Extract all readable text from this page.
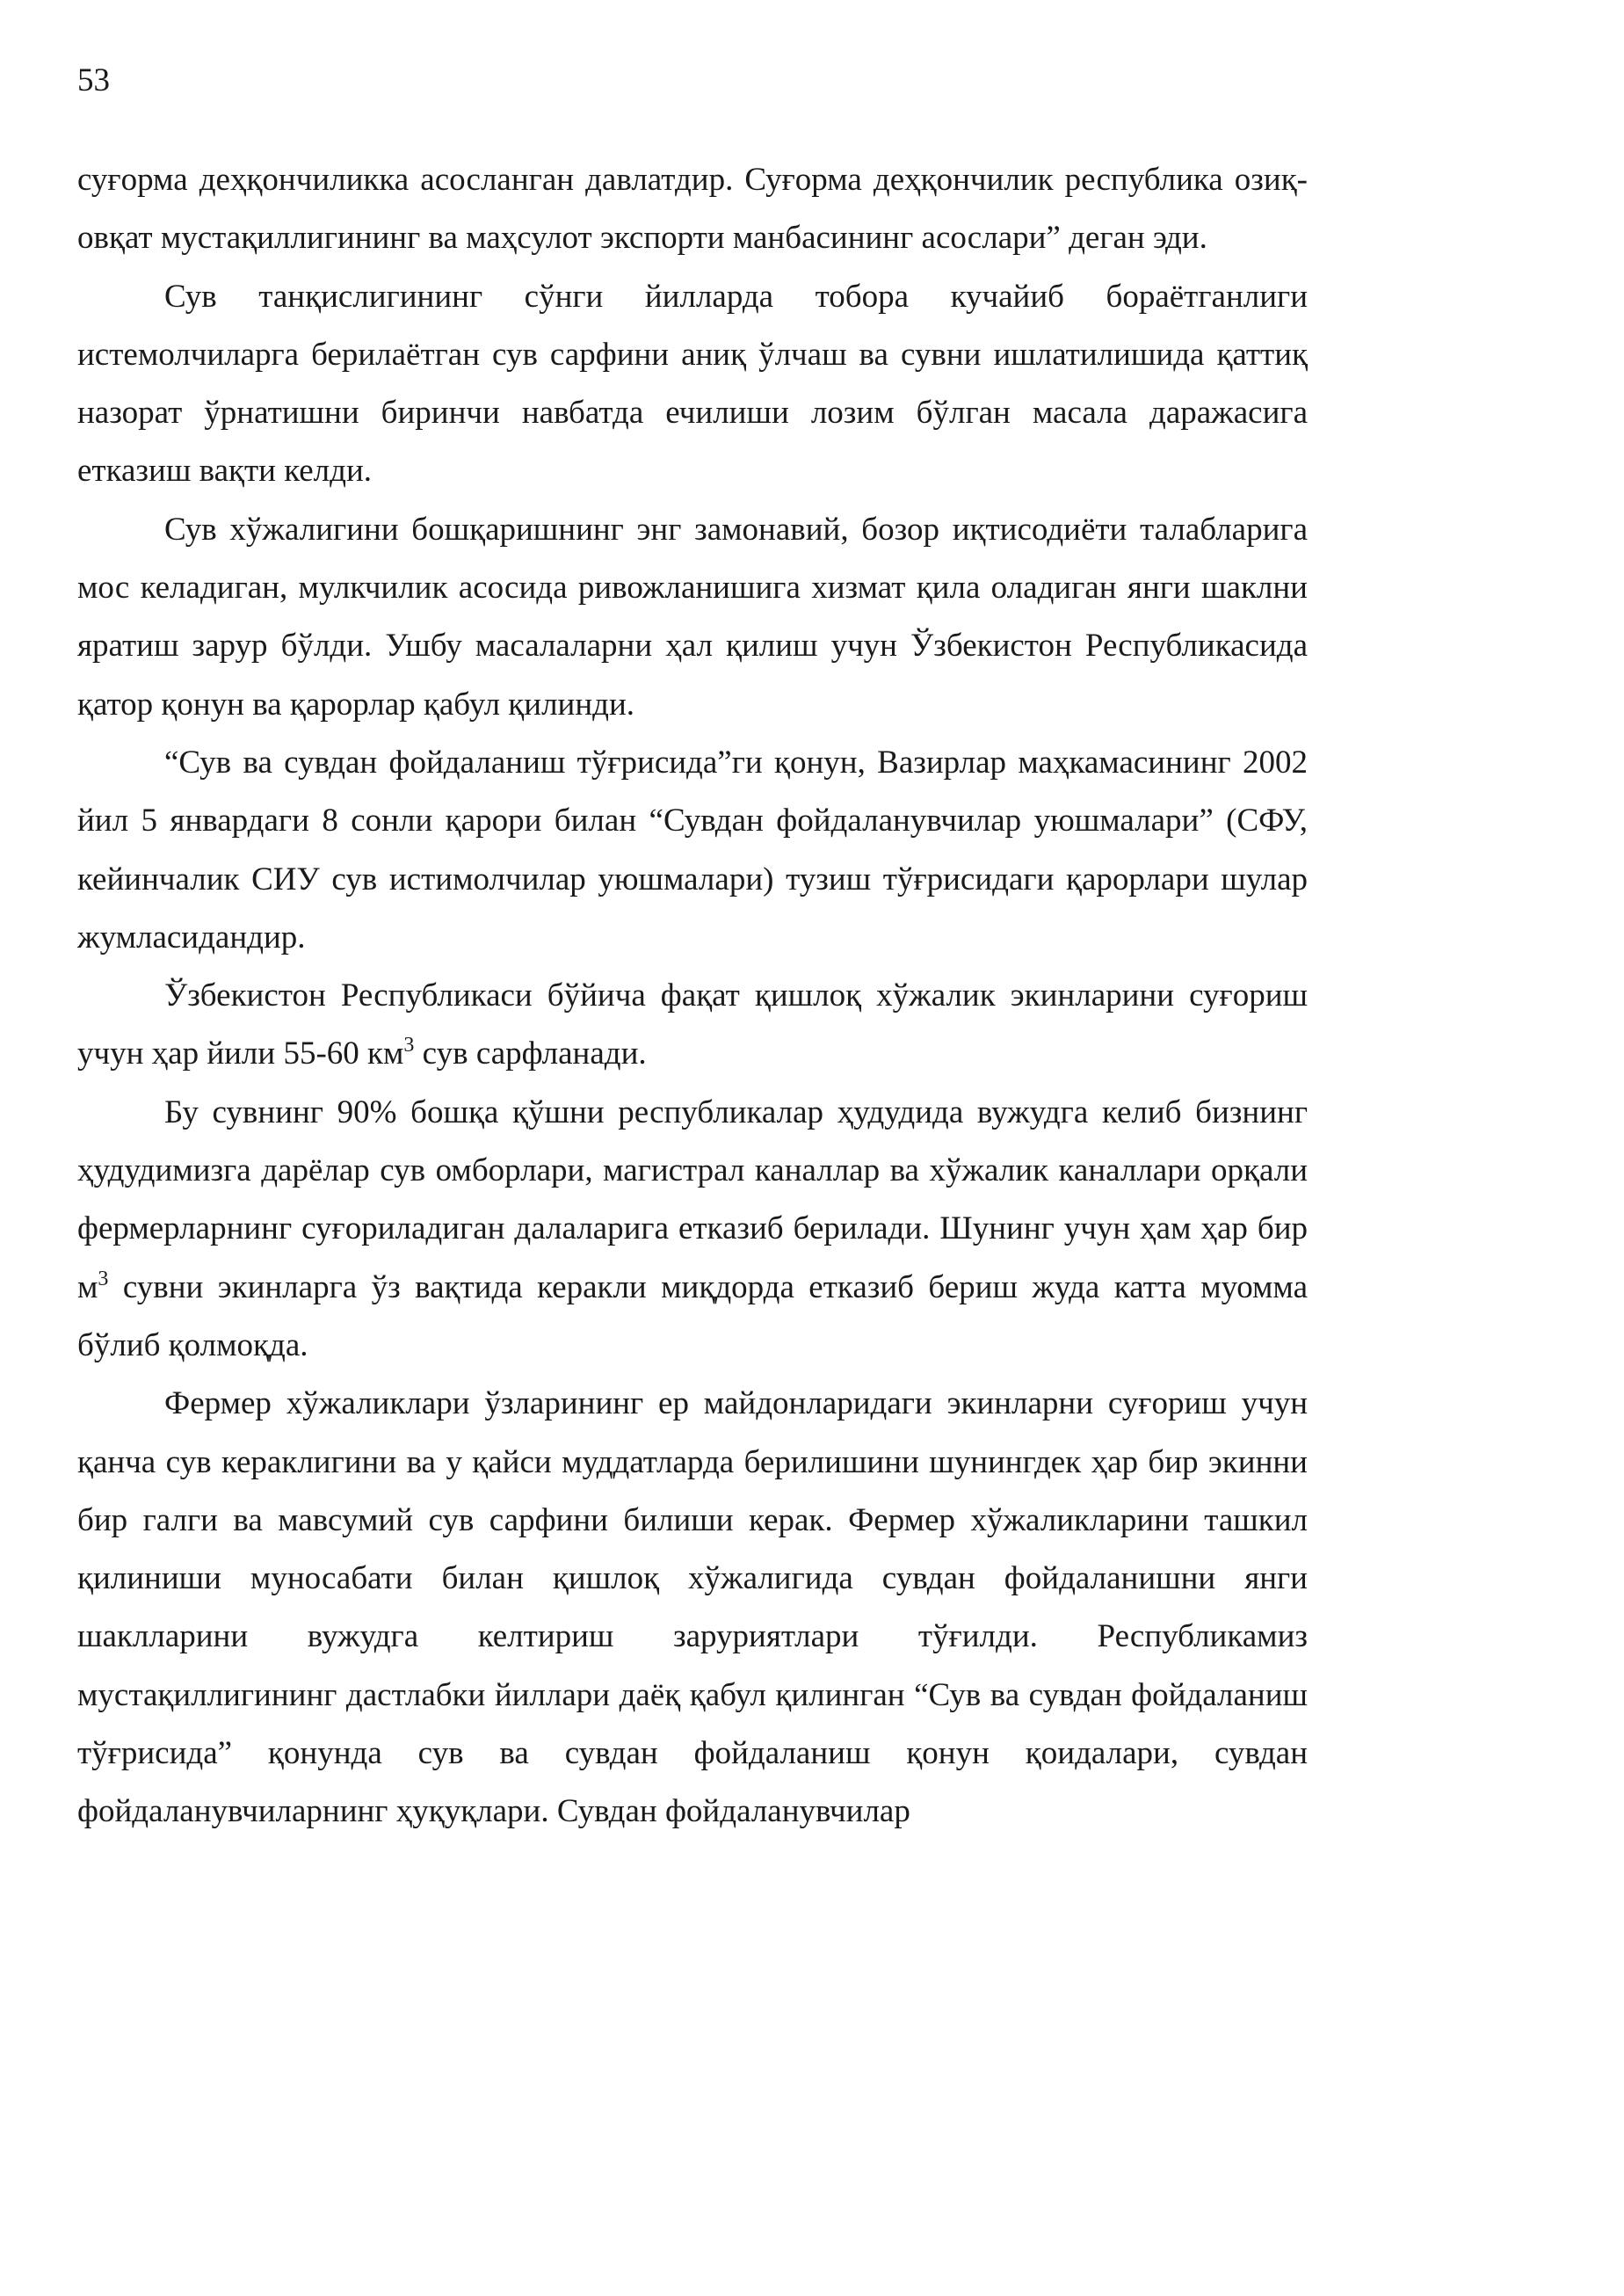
53

суғорма деҳқончиликка асосланган давлатдир. Суғорма деҳқончилик республика озиқ-овқат мустақиллигининг ва маҳсулот экспорти манбасининг асослари” деган эди.

Сув танқислигининг сўнги йилларда тобора кучайиб бораётганлиги истемолчиларга берилаётган сув сарфини аниқ ўлчаш ва сувни ишлатилишида қаттиқ назорат ўрнатишни биринчи навбатда ечилиши лозим бўлган масала даражасига етказиш вақти келди.

Сув хўжалигини бошқаришнинг энг замонавий, бозор иқтисодиёти талабларига мос келадиган, мулкчилик асосида ривожланишига хизмат қила оладиган янги шаклни яратиш зарур бўлди. Ушбу масалаларни ҳал қилиш учун Ўзбекистон Республикасида қатор қонун ва қарорлар қабул қилинди.

“Сув ва сувдан фойдаланиш тўғрисида”ги қонун, Вазирлар маҳкамасининг 2002 йил 5 январдаги 8 сонли қарори билан “Сувдан фойдаланувчилар уюшмалари” (СФУ, кейинчалик СИУ сув истимолчилар уюшмалари) тузиш тўғрисидаги қарорлари шулар жумласидандир.

Ўзбекистон Республикаси бўйича фақат қишлоқ хўжалик экинларини суғориш учун ҳар йили 55-60 $км^3$ сув сарфланади.

Бу сувнинг 90% бошқа қўшни республикалар ҳудудида вужудга келиб бизнинг ҳудудимизга дарёлар сув омборлари, магистрал каналлар ва хўжалик каналлари орқали фермерларнинг суғориладиган далаларига етказиб берилади. Шунинг учун ҳам ҳар бир $м^3$ сувни экинларга ўз вақтида керакли миқдорда етказиб бериш жуда катта муомма бўлиб қолмоқда.

Фермер хўжаликлари ўзларининг ер майдонларидаги экинларни суғориш учун қанча сув кераклигини ва у қайси муддатларда берилишини шунингдек ҳар бир экинни бир галги ва мавсумий сув сарфини билиши керак. Фермер хўжаликларини ташкил қилиниши муносабати билан қишлоқ хўжалигида сувдан фойдаланишни янги шаклларини вужудга келтириш заруриятлари тўғилди. Республикамиз мустақиллигининг дастлабки йиллари даёқ қабул қилинган “Сув ва сувдан фойдаланиш тўғрисида” қонунда сув ва сувдан фойдаланиш қонун қоидалари, сувдан фойдаланувчиларнинг ҳуқуқлари. Сувдан фойдаланувчилар
